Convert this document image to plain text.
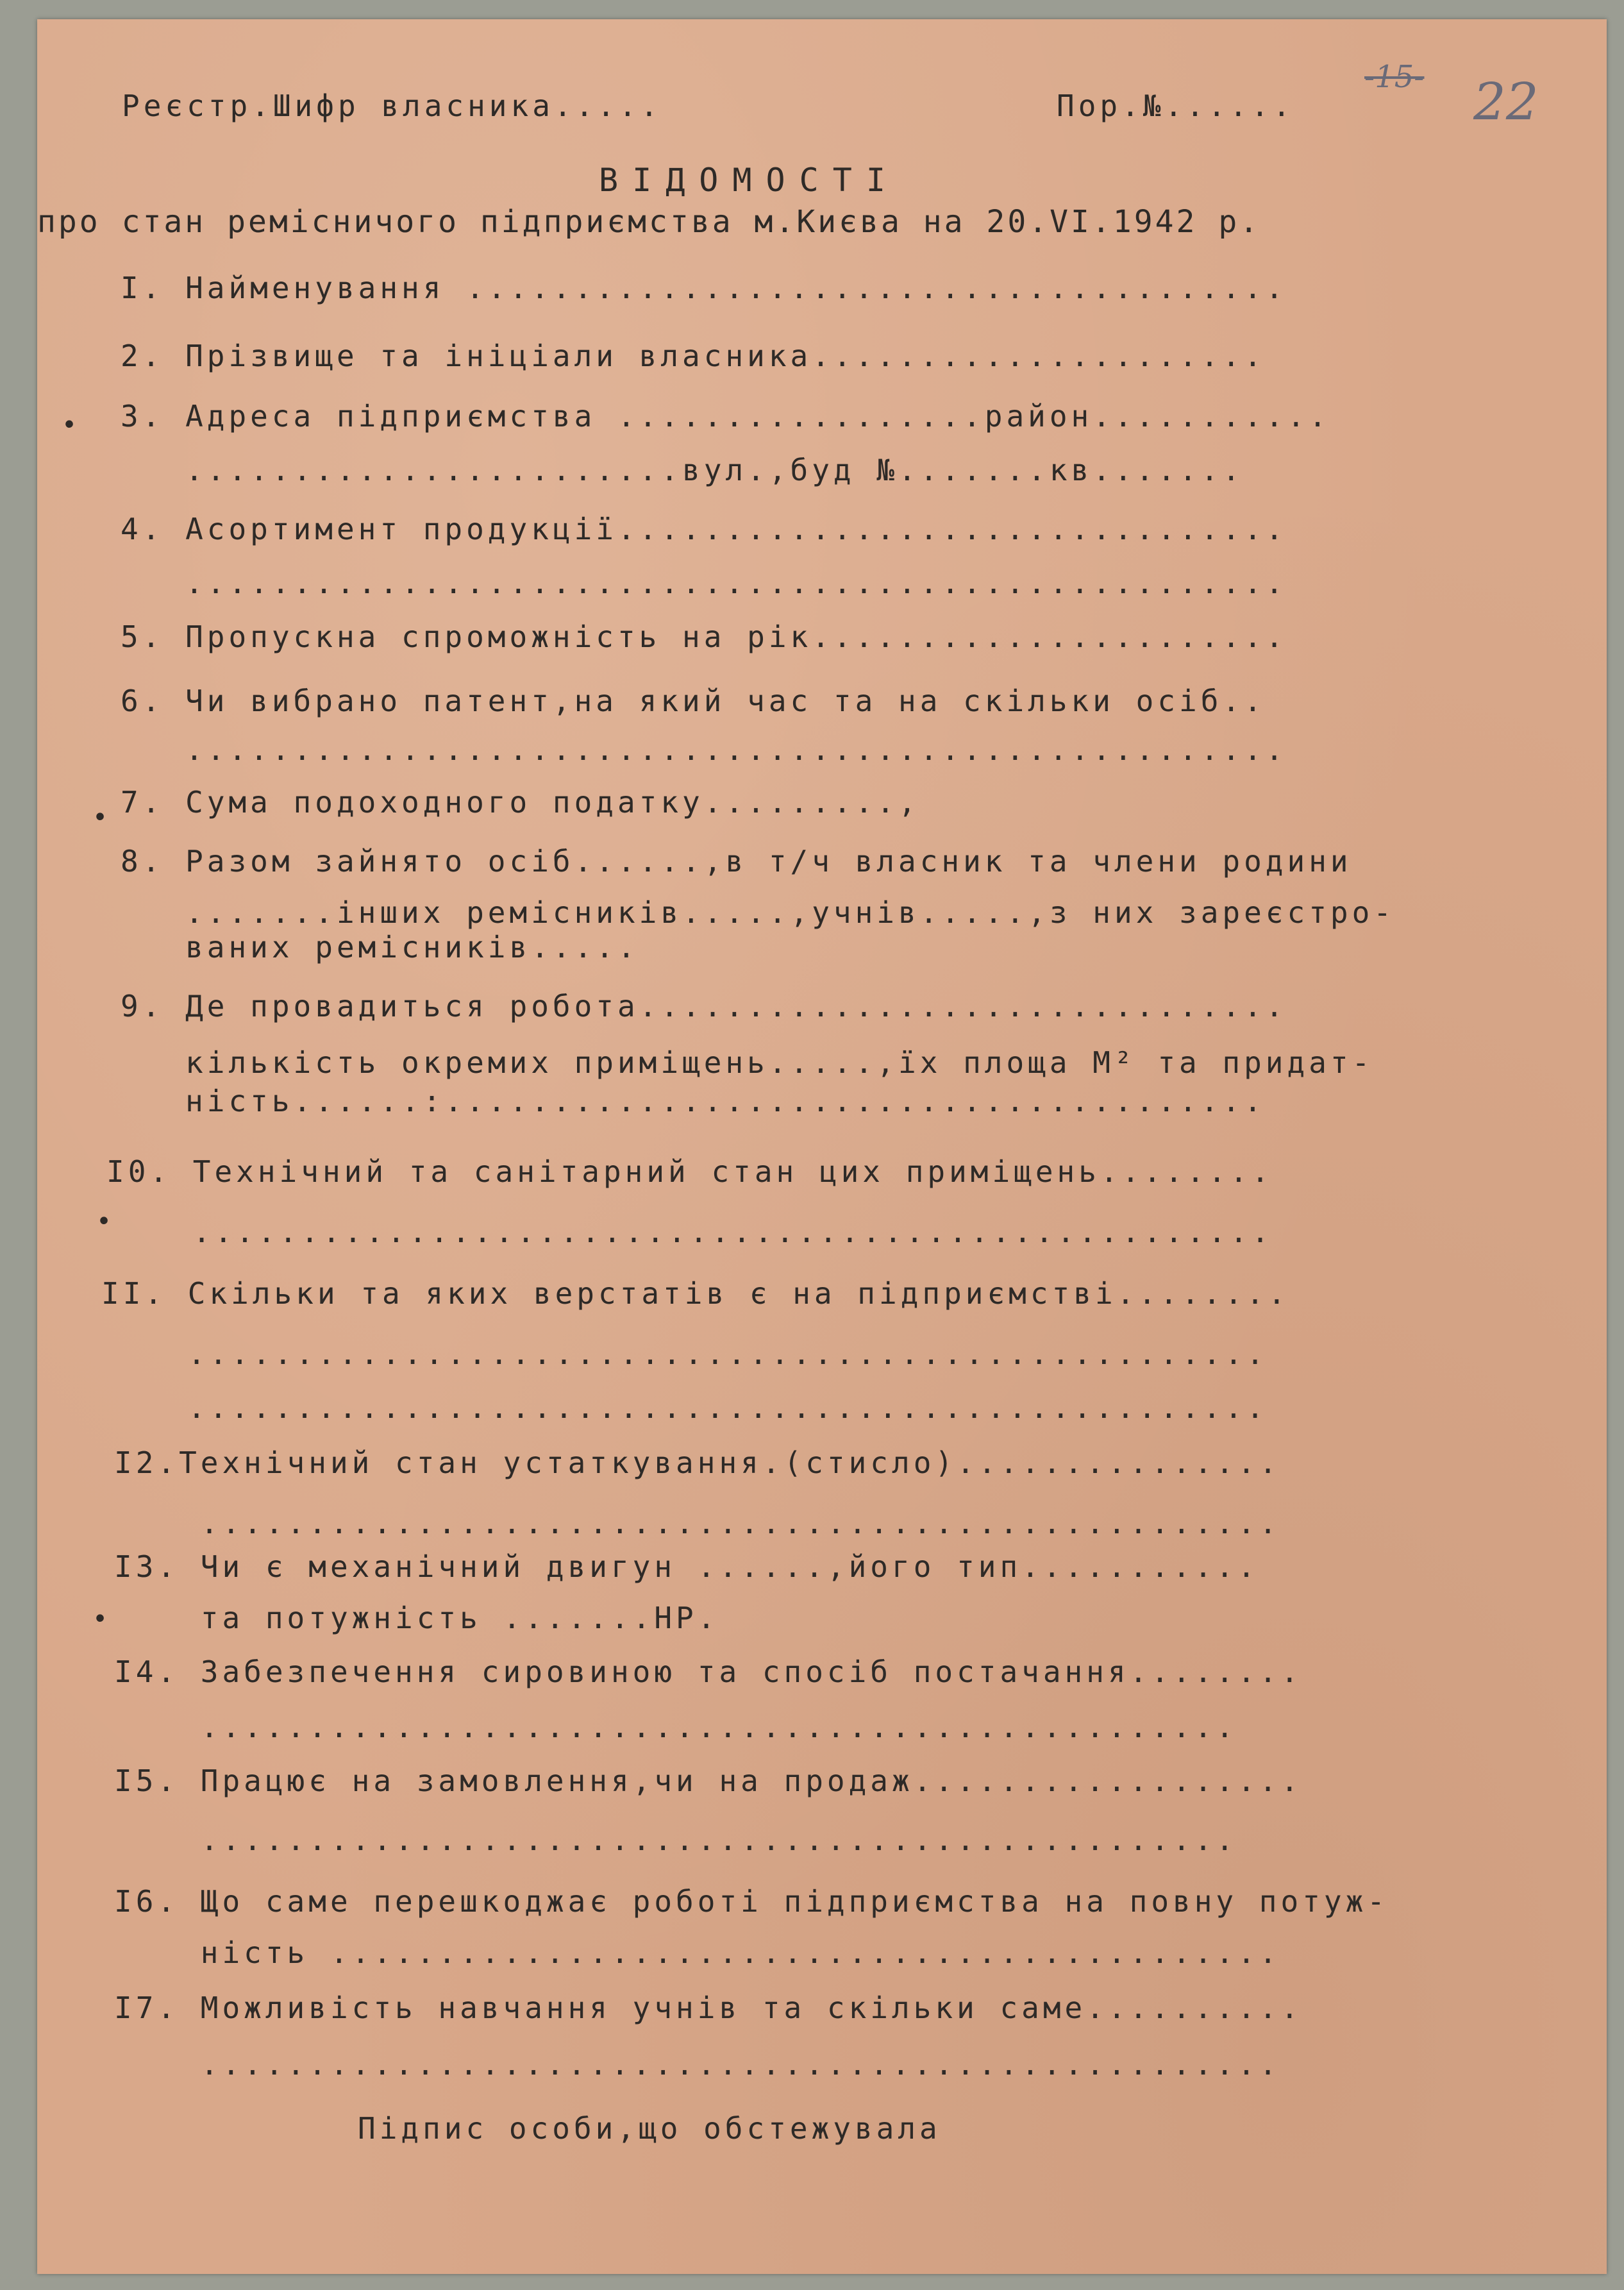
Реєстр.Шифр власника.....	Пор.№......
-15- 22
ВІДОМОСТІ
про стан ремісничого підприємства м.Києва на 20.VI.1942 р.
I. Найменування ......................................
2. Прізвище та ініціали власника.....................
3. Адреса підприємства .................район...........
.......................вул.,буд №.......кв.......
4. Асортимент продукції...............................
...................................................
5. Пропускна спроможність на рік......................
6. Чи вибрано патент,на який час та на скільки осіб..
...................................................
7. Сума подоходного податку.........,
8. Разом зайнято осіб......,в т/ч власник та члени родини
.......інших ремісників.....,учнів.....,з них зареєстро-
ваних ремісників.....
9. Де провадиться робота..............................
кількість окремих приміщень.....,їх площа М² та придат-
ність......:......................................
I0. Технічний та санітарний стан цих приміщень........
..................................................
II. Скільки та яких верстатів є на підприємстві........
..................................................
..................................................
I2.Технічний стан устаткування.(стисло)...............
..................................................
I3. Чи є механічний двигун ......,його тип...........
та потужність .......HP.
I4. Забезпечення сировиною та спосіб постачання........
................................................
I5. Працює на замовлення,чи на продаж..................
................................................
I6. Що саме перешкоджає роботі підприємства на повну потуж-
ність ............................................
I7. Можливість навчання учнів та скільки саме..........
..................................................
Підпис особи,що обстежувала
•
•
•
•
